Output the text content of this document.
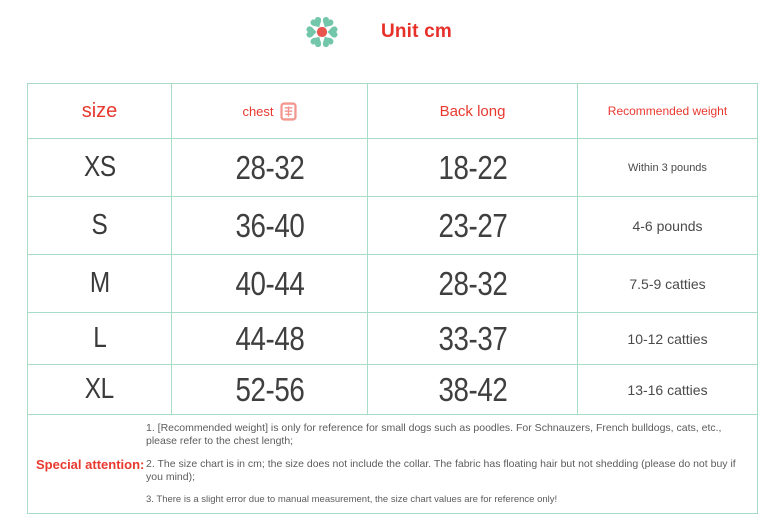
Unit cm
size	chest	Back long	Recommended weight
XS	28-32	18-22	Within 3 pounds
S	36-40	23-27	4-6 pounds
M	40-44	28-32	7.5-9 catties
L	44-48	33-37	10-12 catties
XL	52-56	38-42	13-16 catties

Special attention:
1. [Recommended weight] is only for reference for small dogs such as poodles. For Schnauzers, French bulldogs, cats, etc., please refer to the chest length;
2. The size chart is in cm; the size does not include the collar. The fabric has floating hair but not shedding (please do not buy if you mind);
3. There is a slight error due to manual measurement, the size chart values are for reference only!			
